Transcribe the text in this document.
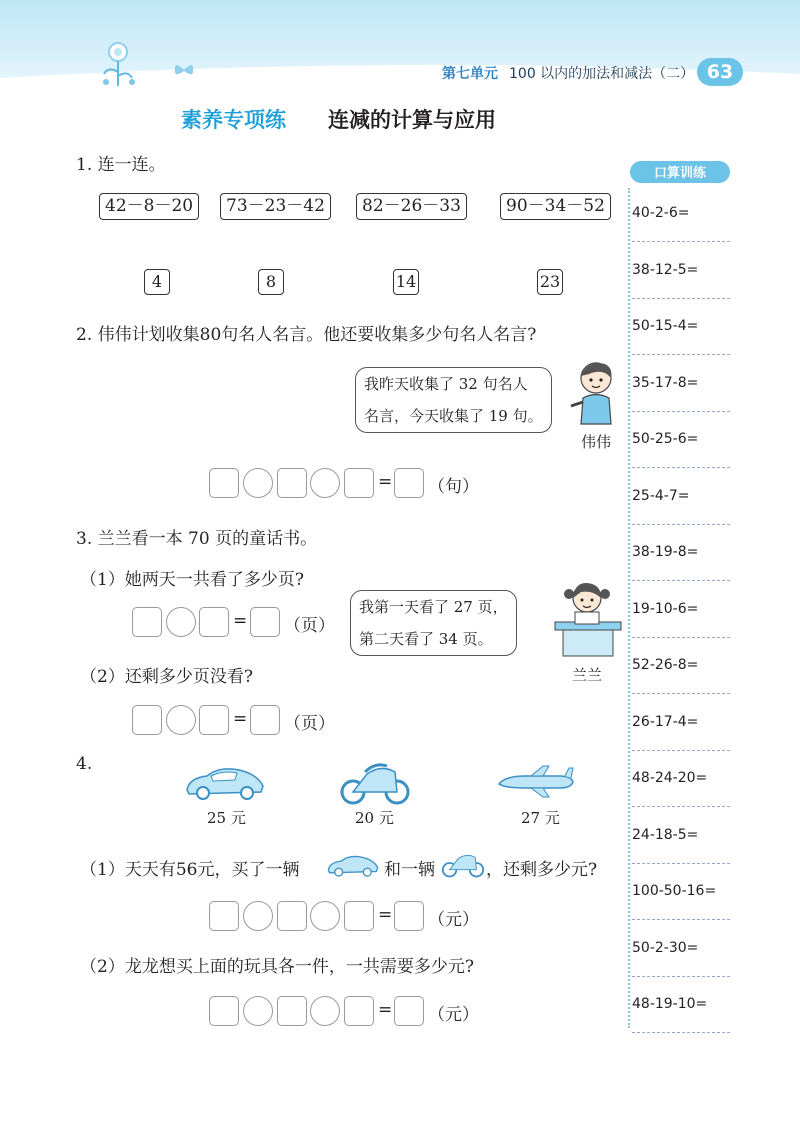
第七单元 100 以内的加法和减法（二） 63
素养专项练 连减的计算与应用
1. 连一连。
42－8－20	73－23－42	82－26－33	90－34－52
4	8	14	23
2. 伟伟计划收集80句名人名言。他还要收集多少句名人名言?
我昨天收集了 32 句名人
名言，今天收集了 19 句。
伟伟
= （句）
3. 兰兰看一本 70 页的童话书。
（1）她两天一共看了多少页?
我第一天看了 27 页，
第二天看了 34 页。
兰兰
= （页）
（2）还剩多少页没看?
= （页）
4.
25 元	20 元	27 元
（1）天天有56元，买了一辆	和一辆	，还剩多少元?
= （元）
（2）龙龙想买上面的玩具各一件，一共需要多少元?
= （元）
口算训练
40-2-6=
38-12-5=
50-15-4=
35-17-8=
50-25-6=
25-4-7=
38-19-8=
19-10-6=
52-26-8=
26-17-4=
48-24-20=
24-18-5=
100-50-16=
50-2-30=
48-19-10=
